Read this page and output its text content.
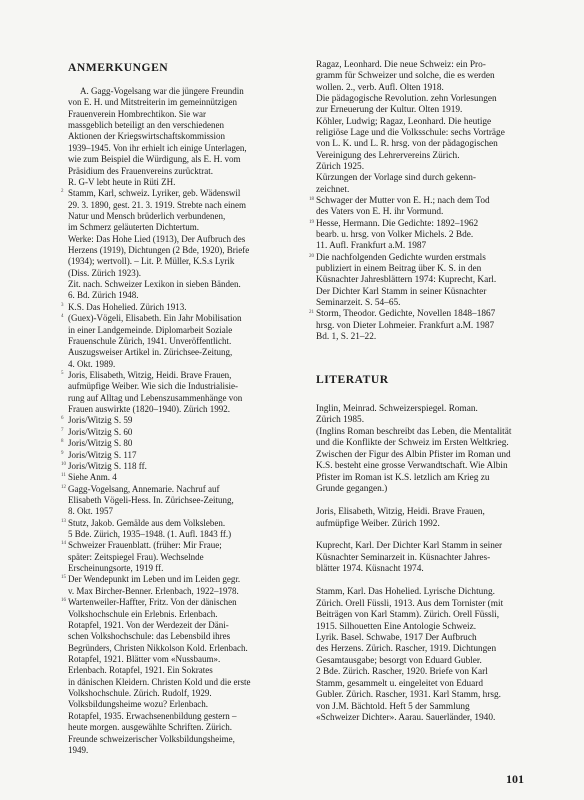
ANMERKUNGEN

A. Gagg-Vogelsang war die jüngere Freundin

von E. H. und Mitstreiterin im gemeinnützigen

Frauenverein Hombrechtikon. Sie war

massgeblich beteiligt an den verschiedenen

Aktionen der Kriegswirtschaftskommission

1939–1945. Von ihr erhielt ich einige Unterlagen,

wie zum Beispiel die Würdigung, als E. H. vom

Präsidium des Frauenvereins zurücktrat.

R. G-V lebt heute in Rüti ZH.

2 Stamm, Karl, schweiz. Lyriker, geb. Wädenswil

29. 3. 1890, gest. 21. 3. 1919. Strebte nach einem

Natur und Mensch brüderlich verbundenen,

im Schmerz geläuterten Dichtertum.

Werke: Das Hohe Lied (1913), Der Aufbruch des

Herzens (1919), Dichtungen (2 Bde, 1920), Briefe

(1934); wertvoll). – Lit. P. Müller, K.S.s Lyrik

(Diss. Zürich 1923).

Zit. nach. Schweizer Lexikon in sieben Bänden.

6. Bd. Zürich 1948.

3 K.S. Das Hohelied. Zürich 1913.

4 (Guex)-Vögeli, Elisabeth. Ein Jahr Mobilisation

in einer Landgemeinde. Diplomarbeit Soziale

Frauenschule Zürich, 1941. Unveröffentlicht.

Auszugsweiser Artikel in. Zürichsee-Zeitung,

4. Okt. 1989.

5 Joris, Elisabeth, Witzig, Heidi. Brave Frauen,

aufmüpfige Weiber. Wie sich die Industrialisie-

rung auf Alltag und Lebenszusammenhänge von

Frauen auswirkte (1820–1940). Zürich 1992.

6 Joris/Witzig S. 59

7 Joris/Witzig S. 60

8 Joris/Witzig S. 80

9 Joris/Witzig S. 117

10 Joris/Witzig S. 118 ff.

11 Siehe Anm. 4

12 Gagg-Vogelsang, Annemarie. Nachruf auf

Elisabeth Vögeli-Hess. In. Zürichsee-Zeitung,

8. Okt. 1957

13 Stutz, Jakob. Gemälde aus dem Volksleben.

5 Bde. Zürich, 1935–1948. (1. Aufl. 1843 ff.)

14 Schweizer Frauenblatt. (früher: Mir Fraue;

später: Zeitspiegel Frau). Wechselnde

Erscheinungsorte, 1919 ff.

15 Der Wendepunkt im Leben und im Leiden gegr.

v. Max Bircher-Benner. Erlenbach, 1922–1978.

16 Wartenweiler-Haffter, Fritz. Von der dänischen

Volkshochschule ein Erlebnis. Erlenbach.

Rotapfel, 1921. Von der Werdezeit der Däni-

schen Volkshochschule: das Lebensbild ihres

Begründers, Christen Nikkolson Kold. Erlenbach.

Rotapfel, 1921. Blätter vom «Nussbaum».

Erlenbach. Rotapfel, 1921. Ein Sokrates

in dänischen Kleidern. Christen Kold und die erste

Volkshochschule. Zürich. Rudolf, 1929.

Volksbildungsheime wozu? Erlenbach.

Rotapfel, 1935. Erwachsenenbildung gestern –

heute morgen. ausgewählte Schriften. Zürich.

Freunde schweizerischer Volksbildungsheime,

1949.

Ragaz, Leonhard. Die neue Schweiz: ein Pro-

gramm für Schweizer und solche, die es werden

wollen. 2., verb. Aufl. Olten 1918.

Die pädagogische Revolution. zehn Vorlesungen

zur Erneuerung der Kultur. Olten 1919.

Köhler, Ludwig; Ragaz, Leonhard. Die heutige

religiöse Lage und die Volksschule: sechs Vorträge

von L. K. und L. R. hrsg. von der pädagogischen

Vereinigung des Lehrervereins Zürich.

Zürich 1925.

Kürzungen der Vorlage sind durch gekenn-

zeichnet.

18 Schwager der Mutter von E. H.; nach dem Tod

des Vaters von E. H. ihr Vormund.

19 Hesse, Hermann. Die Gedichte: 1892–1962

bearb. u. hrsg. von Volker Michels. 2 Bde.

11. Aufl. Frankfurt a.M. 1987

20 Die nachfolgenden Gedichte wurden erstmals

publiziert in einem Beitrag über K. S. in den

Küsnachter Jahresblättern 1974: Kuprecht, Karl.

Der Dichter Karl Stamm in seiner Küsnachter

Seminarzeit. S. 54–65.

21 Storm, Theodor. Gedichte, Novellen 1848–1867

hrsg. von Dieter Lohmeier. Frankfurt a.M. 1987

Bd. 1, S. 21–22.

LITERATUR

Inglin, Meinrad. Schweizerspiegel. Roman.

Zürich 1985.

(Inglins Roman beschreibt das Leben, die Mentalität

und die Konflikte der Schweiz im Ersten Weltkrieg.

Zwischen der Figur des Albin Pfister im Roman und

K.S. besteht eine grosse Verwandtschaft. Wie Albin

Pfister im Roman ist K.S. letzlich am Krieg zu

Grunde gegangen.)

Joris, Elisabeth, Witzig, Heidi. Brave Frauen,

aufmüpfige Weiber. Zürich 1992.

Kuprecht, Karl. Der Dichter Karl Stamm in seiner

Küsnachter Seminarzeit in. Küsnachter Jahres-

blätter 1974. Küsnacht 1974.

Stamm, Karl. Das Hohelied. Lyrische Dichtung.

Zürich. Orell Füssli, 1913. Aus dem Tornister (mit

Beiträgen von Karl Stamm). Zürich. Orell Füssli,

1915. Silhouetten Eine Antologie Schweiz.

Lyrik. Basel. Schwabe, 1917 Der Aufbruch

des Herzens. Zürich. Rascher, 1919. Dichtungen

Gesamtausgabe; besorgt von Eduard Gubler.

2 Bde. Zürich. Rascher, 1920. Briefe von Karl

Stamm, gesammelt u. eingeleitet von Eduard

Gubler. Zürich. Rascher, 1931. Karl Stamm, hrsg.

von J.M. Bächtold. Heft 5 der Sammlung

«Schweizer Dichter». Aarau. Sauerländer, 1940.

101
